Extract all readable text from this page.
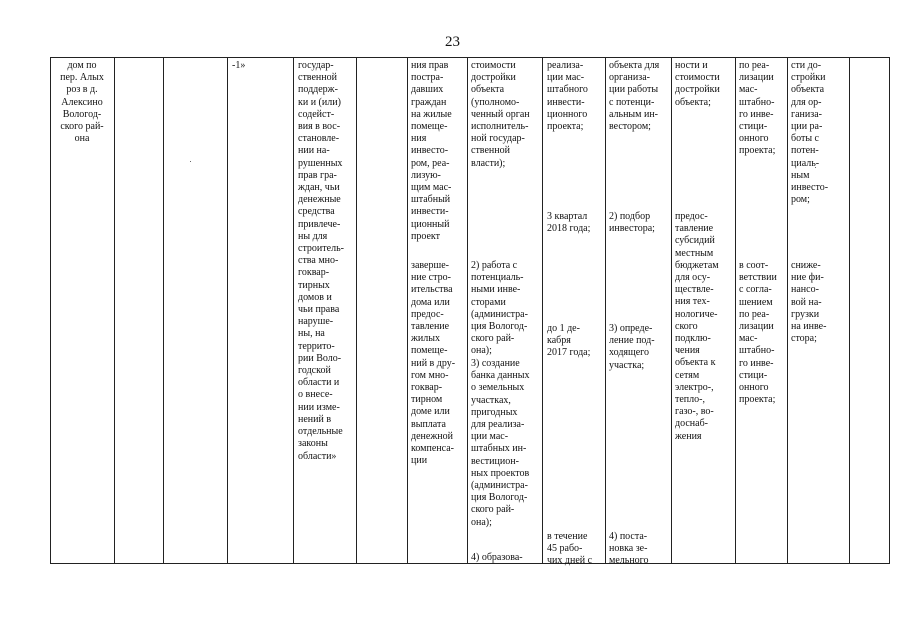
23
дом по
пер. Алых
роз в д.
Алексино
Вологод-
ского рай-
она
-1»	государ-
ственной
поддерж-
ки и (или)
содейст-
вия в вос-
становле-
нии на-
рушенных
прав гра-
ждан, чьи
денежные
средства
привлече-
ны для
строитель-
ства мно-
гоквар-
тирных
домов и
чьи права
наруше-
ны, на
террито-
рии Воло-
годской
области и
о внесе-
нии изме-
нений в
отдельные
законы
области»
ния прав
постра-
давших
граждан
на жилые
помеще-
ния
инвесто-
ром, реа-
лизую-
щим мас-
штабный
инвести-
ционный
проект
заверше-
ние стро-
ительства
дома или
предос-
тавление
жилых
помеще-
ний в дру-
гом мно-
гоквар-
тирном
доме или
выплата
денежной
компенса-
ции
стоимости
достройки
объекта
(уполномо-
ченный орган
исполнитель-
ной государ-
ственной
власти);
2) работа с
потенциаль-
ными инве-
сторами
(администра-
ция Вологод-
ского рай-
она);
3) создание
банка данных
о земельных
участках,
пригодных
для реализа-
ции мас-
штабных ин-
вестицион-
ных проектов
(администра-
ция Вологод-
ского рай-
она);
4) образова-
реализа-
ции мас-
штабного
инвести-
ционного
проекта;
3 квартал
2018 года;
до 1 де-
кабря
2017 года;
в течение
45 рабо-
чих дней с
объекта для
организа-
ции работы
с потенци-
альным ин-
вестором;
2) подбор
инвестора;
3) опреде-
ление под-
ходящего
участка;
4) поста-
новка зе-
мельного
ности и
стоимости
достройки
объекта;
предос-
тавление
субсидий
местным
бюджетам
для осу-
ществле-
ния тех-
нологиче-
ского
подклю-
чения
объекта к
сетям
электро-,
тепло-,
газо-, во-
доснаб-
жения
по реа-
лизации
мас-
штабно-
го инве-
стици-
онного
проекта;
в соот-
ветствии
с согла-
шением
по реа-
лизации
мас-
штабно-
го инве-
стици-
онного
проекта;
сти до-
стройки
объекта
для ор-
ганиза-
ции ра-
боты с
потен-
циаль-
ным
инвесто-
ром;
сниже-
ние фи-
нансо-
вой на-
грузки
на инве-
стора;
